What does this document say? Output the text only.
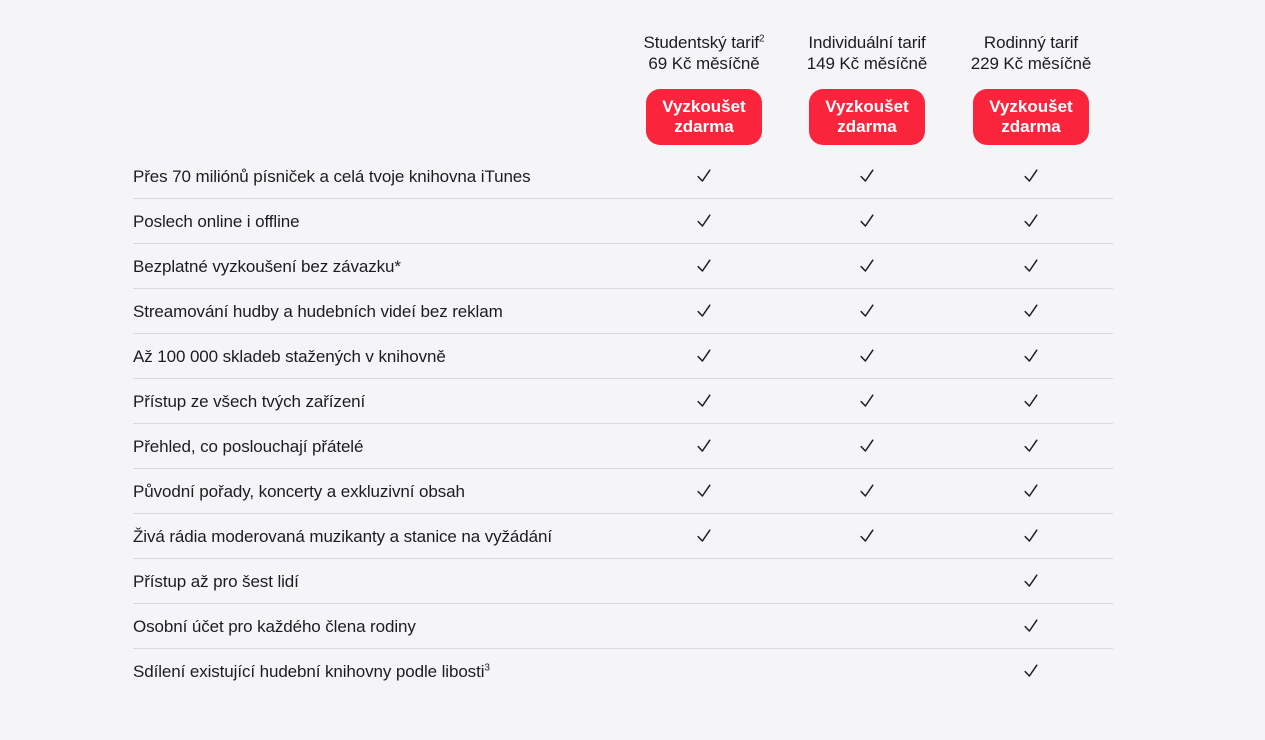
Studentský tarif$^2$
69 Kč měsíčně
Vyzkoušet
zdarma
Individuální tarif
149 Kč měsíčně
Vyzkoušet
zdarma
Rodinný tarif
229 Kč měsíčně
Vyzkoušet
zdarma
Přes 70 miliónů písniček a celá tvoje knihovna iTunes
Poslech online i offline
Bezplatné vyzkoušení bez závazku*
Streamování hudby a hudebních videí bez reklam
Až 100 000 skladeb stažených v knihovně
Přístup ze všech tvých zařízení
Přehled, co poslouchají přátelé
Původní pořady, koncerty a exkluzivní obsah
Živá rádia moderovaná muzikanty a stanice na vyžádání
Přístup až pro šest lidí
Osobní účet pro každého člena rodiny
Sdílení existující hudební knihovny podle libosti$^3$
